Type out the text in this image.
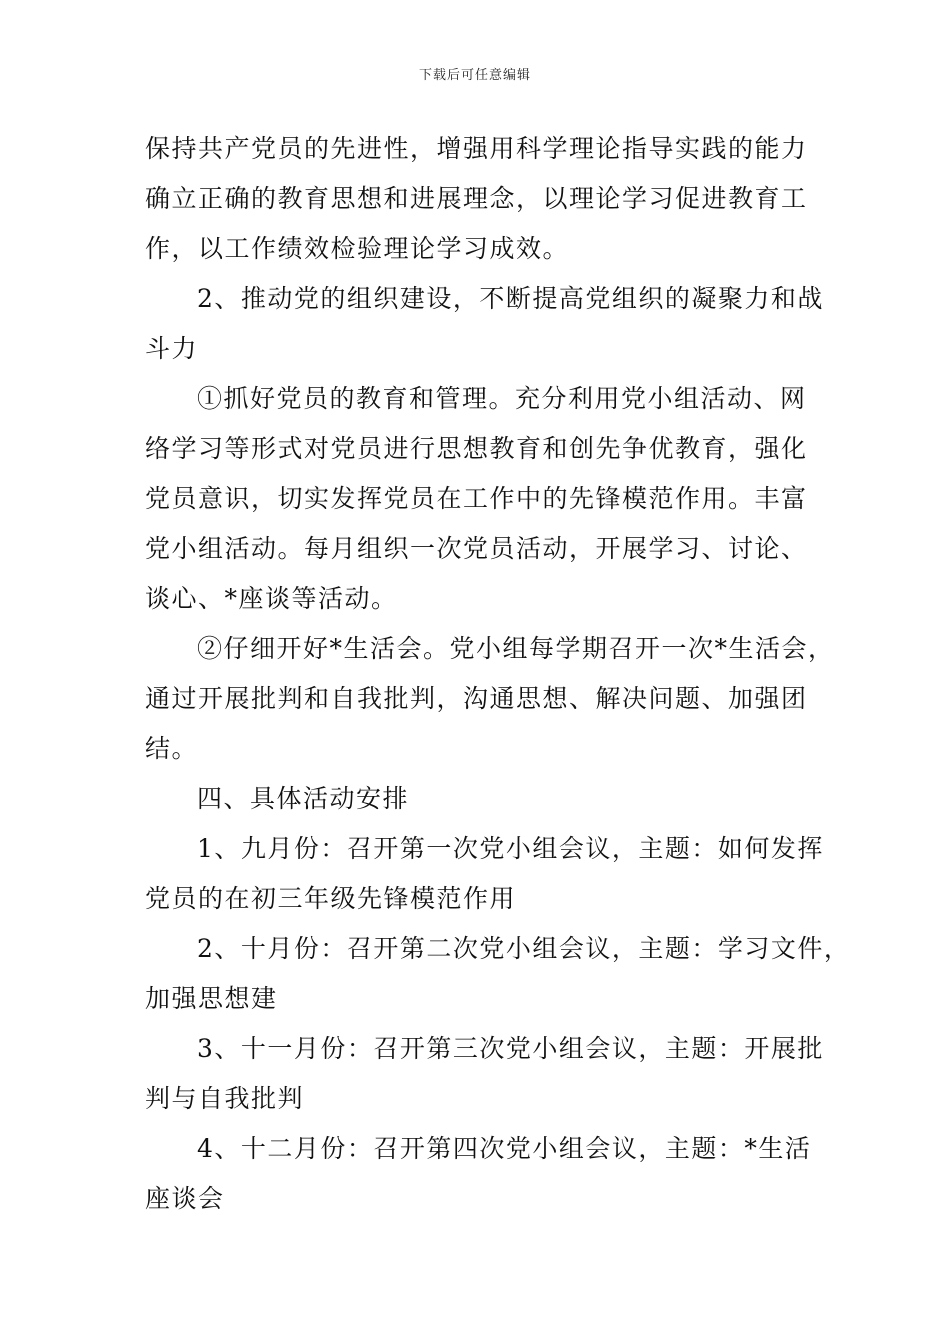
下载后可任意编辑
保持共产党员的先进性，增强用科学理论指导实践的能力
确立正确的教育思想和进展理念，以理论学习促进教育工
作，以工作绩效检验理论学习成效。
2、推动党的组织建设，不断提高党组织的凝聚力和战
斗力
①抓好党员的教育和管理。充分利用党小组活动、网
络学习等形式对党员进行思想教育和创先争优教育，强化
党员意识，切实发挥党员在工作中的先锋模范作用。丰富
党小组活动。每月组织一次党员活动，开展学习、讨论、
谈心、*座谈等活动。
②仔细开好*生活会。党小组每学期召开一次*生活会，
通过开展批判和自我批判，沟通思想、解决问题、加强团
结。
四、具体活动安排
1、九月份：召开第一次党小组会议，主题：如何发挥
党员的在初三年级先锋模范作用
2、十月份：召开第二次党小组会议，主题：学习文件，
加强思想建
3、十一月份：召开第三次党小组会议，主题：开展批
判与自我批判
4、十二月份：召开第四次党小组会议，主题：*生活
座谈会
